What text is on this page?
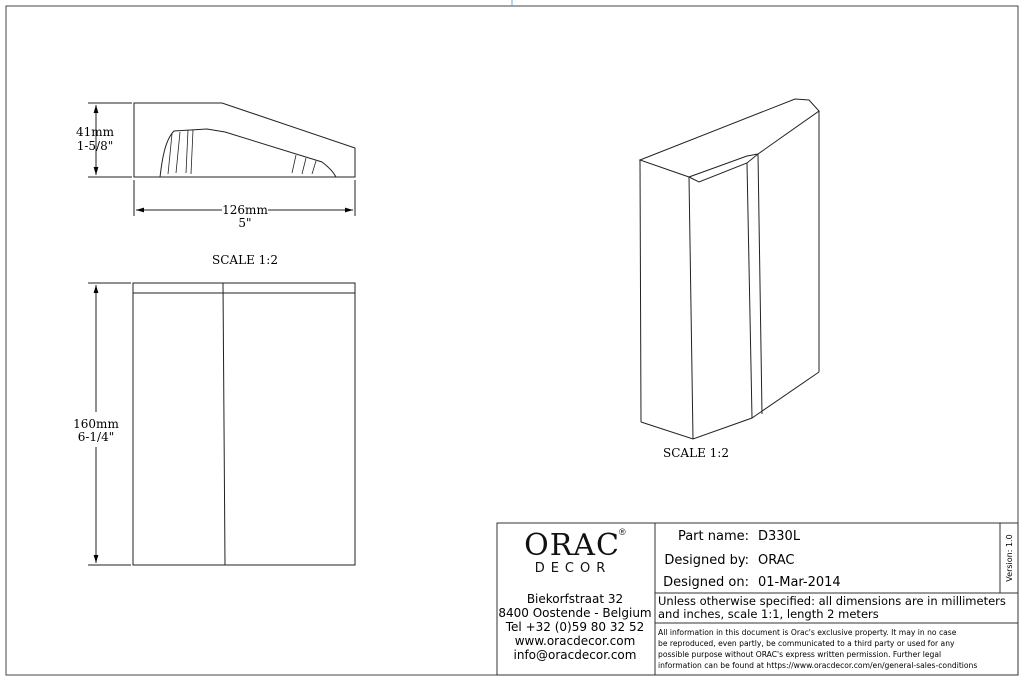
41mm
1-5/8"
126mm
5"
SCALE 1:2
160mm
6-1/4"
SCALE 1:2
ORAC ®
DECOR
Biekorfstraat 32
8400 Oostende - Belgium
Tel +32 (0)59 80 32 52
www.oracdecor.com
info@oracdecor.com
Part name: D330L
Designed by: ORAC
Designed on: 01-Mar-2014
Version: 1.0
Unless otherwise specified: all dimensions are in millimeters
and inches, scale 1:1, length 2 meters
All information in this document is Orac's exclusive property. It may in no case
be reproduced, even partly, be communicated to a third party or used for any
possible purpose without ORAC's express written permission. Further legal
information can be found at https://www.oracdecor.com/en/general-sales-conditions
